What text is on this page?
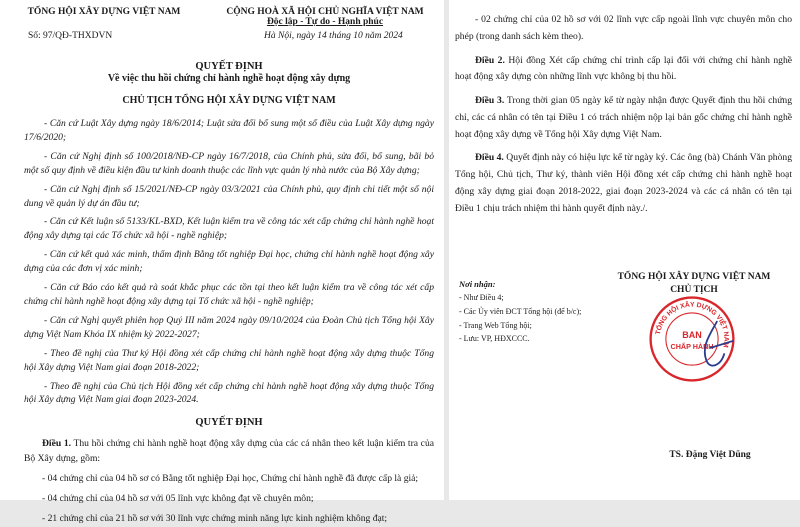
TỔNG HỘI XÂY DỰNG VIỆT NAM	CỘNG HOÀ XÃ HỘI CHỦ NGHĨA VIỆT NAM
Độc lập - Tự do - Hạnh phúc
Số: 97/QĐ-THXDVN	Hà Nội, ngày 14 tháng 10 năm 2024
QUYẾT ĐỊNH
Về việc thu hồi chứng chỉ hành nghề hoạt động xây dựng
CHỦ TỊCH TỔNG HỘI XÂY DỰNG VIỆT NAM

- Căn cứ Luật Xây dựng ngày 18/6/2014; Luật sửa đổi bổ sung một số điều của Luật Xây dựng ngày 17/6/2020;

- Căn cứ Nghị định số 100/2018/NĐ-CP ngày 16/7/2018, của Chính phủ, sửa đổi, bổ sung, bãi bỏ một số quy định về điều kiện đầu tư kinh doanh thuộc các lĩnh vực quản lý nhà nước của Bộ Xây dựng;

- Căn cứ Nghị định số 15/2021/NĐ-CP ngày 03/3/2021 của Chính phủ, quy định chi tiết một số nội dung về quản lý dự án đầu tư;

- Căn cứ Kết luận số 5133/KL-BXD, Kết luận kiểm tra về công tác xét cấp chứng chỉ hành nghề hoạt động xây dựng tại các Tổ chức xã hội - nghề nghiệp;

- Căn cứ kết quả xác minh, thẩm định Bằng tốt nghiệp Đại học, chứng chỉ hành nghề hoạt động xây dựng của các đơn vị xác minh;

- Căn cứ Báo cáo kết quả rà soát khắc phục các tồn tại theo kết luận kiểm tra về công tác xét cấp chứng chỉ hành nghề hoạt động xây dựng tại Tổ chức xã hội - nghề nghiệp;

- Căn cứ Nghị quyết phiên họp Quý III năm 2024 ngày 09/10/2024 của Đoàn Chủ tịch Tổng hội Xây dựng Việt Nam Khóa IX nhiệm kỳ 2022-2027;

- Theo đề nghị của Thư ký Hội đồng xét cấp chứng chỉ hành nghề hoạt động xây dựng thuộc Tổng hội Xây dựng Việt Nam giai đoạn 2018-2022;

- Theo đề nghị của Chủ tịch Hội đồng xét cấp chứng chỉ hành nghề hoạt động xây dựng thuộc Tổng hội Xây dựng Việt Nam giai đoạn 2023-2024.

QUYẾT ĐỊNH

Điều 1. Thu hồi chứng chỉ hành nghề hoạt động xây dựng của các cá nhân theo kết luận kiểm tra của Bộ Xây dựng, gồm:

- 04 chứng chỉ của 04 hồ sơ có Bằng tốt nghiệp Đại học, Chứng chỉ hành nghề đã được cấp là giả;

- 04 chứng chỉ của 04 hồ sơ với 05 lĩnh vực không đạt về chuyên môn;

- 21 chứng chỉ của 21 hồ sơ với 30 lĩnh vực chứng minh năng lực kinh nghiệm không đạt;

- 02 chứng chỉ của 02 hồ sơ với 02 lĩnh vực cấp ngoài lĩnh vực chuyên môn cho phép (trong danh sách kèm theo).

Điều 2. Hội đồng Xét cấp chứng chỉ trình cấp lại đối với chứng chỉ hành nghề hoạt động xây dựng còn những lĩnh vực không bị thu hồi.

Điều 3. Trong thời gian 05 ngày kể từ ngày nhận được Quyết định thu hồi chứng chỉ, các cá nhân có tên tại Điều 1 có trách nhiệm nộp lại bản gốc chứng chỉ hành nghề hoạt động xây dựng về Tổng hội Xây dựng Việt Nam.

Điều 4. Quyết định này có hiệu lực kể từ ngày ký. Các ông (bà) Chánh Văn phòng Tổng hội, Chủ tịch, Thư ký, thành viên Hội đồng xét cấp chứng chỉ hành nghề hoạt động xây dựng giai đoạn 2018-2022, giai đoạn 2023-2024 và các cá nhân có tên tại Điều 1 chịu trách nhiệm thi hành quyết định này./.

Nơi nhận:
- Như Điều 4;
- Các Ủy viên ĐCT Tổng hội (để b/c);
- Trang Web Tổng hội;
- Lưu: VP, HĐXCCC.
TỔNG HỘI XÂY DỰNG VIỆT NAM
CHỦ TỊCH
TỔNG HỘI XÂY DỰNG VIỆT NAM
BAN
CHẤP HÀNH
TS. Đặng Việt Dũng
